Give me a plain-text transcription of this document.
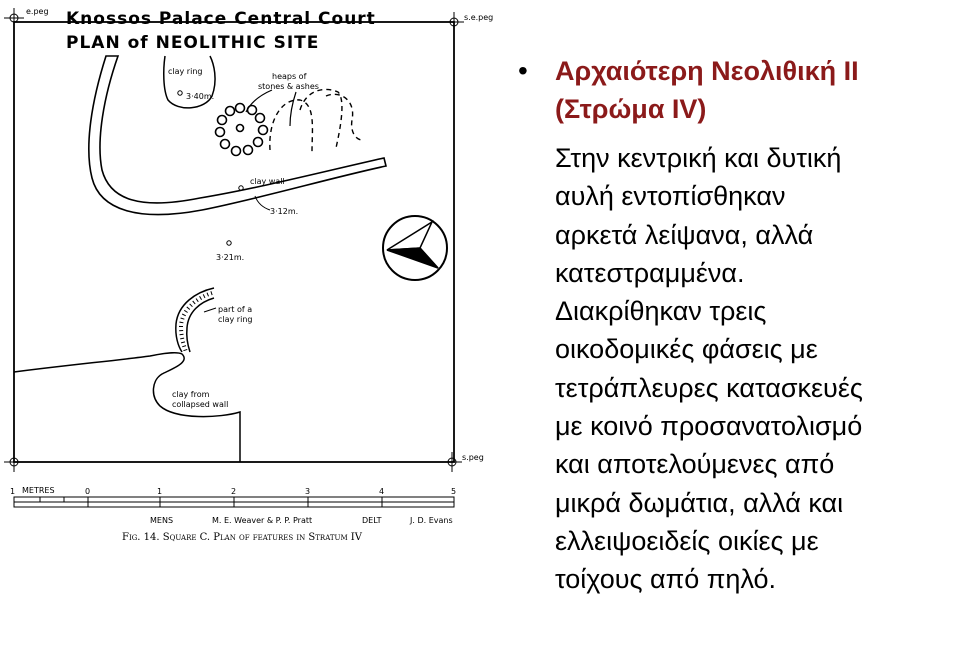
Knossos Palace Central Court
PLAN of NEOLITHIC SITE
e.peg
s.e.peg
s.peg
heaps of
stones & ashes
clay ring
3·40m.
clay wall
3·12m.
3·21m.
part of a
clay ring
clay from
collapsed wall
1 METRES	0	1	2	3	4	5
MENS	M. E. Weaver & P. P. Pratt	DELT	J. D. Evans
Fig. 14. Square C. Plan of features in Stratum IV
• Αρχαιότερη Νεολιθική ΙΙ

(Στρώμα IV)

Στην κεντρική και δυτική
αυλή εντοπίσθηκαν
αρκετά λείψανα, αλλά
κατεστραμμένα.
Διακρίθηκαν τρεις
οικοδομικές φάσεις με
τετράπλευρες κατασκευές
με κοινό προσανατολισμό
και αποτελούμενες από
μικρά δωμάτια, αλλά και
ελλειψοειδείς οικίες με
τοίχους από πηλό.
